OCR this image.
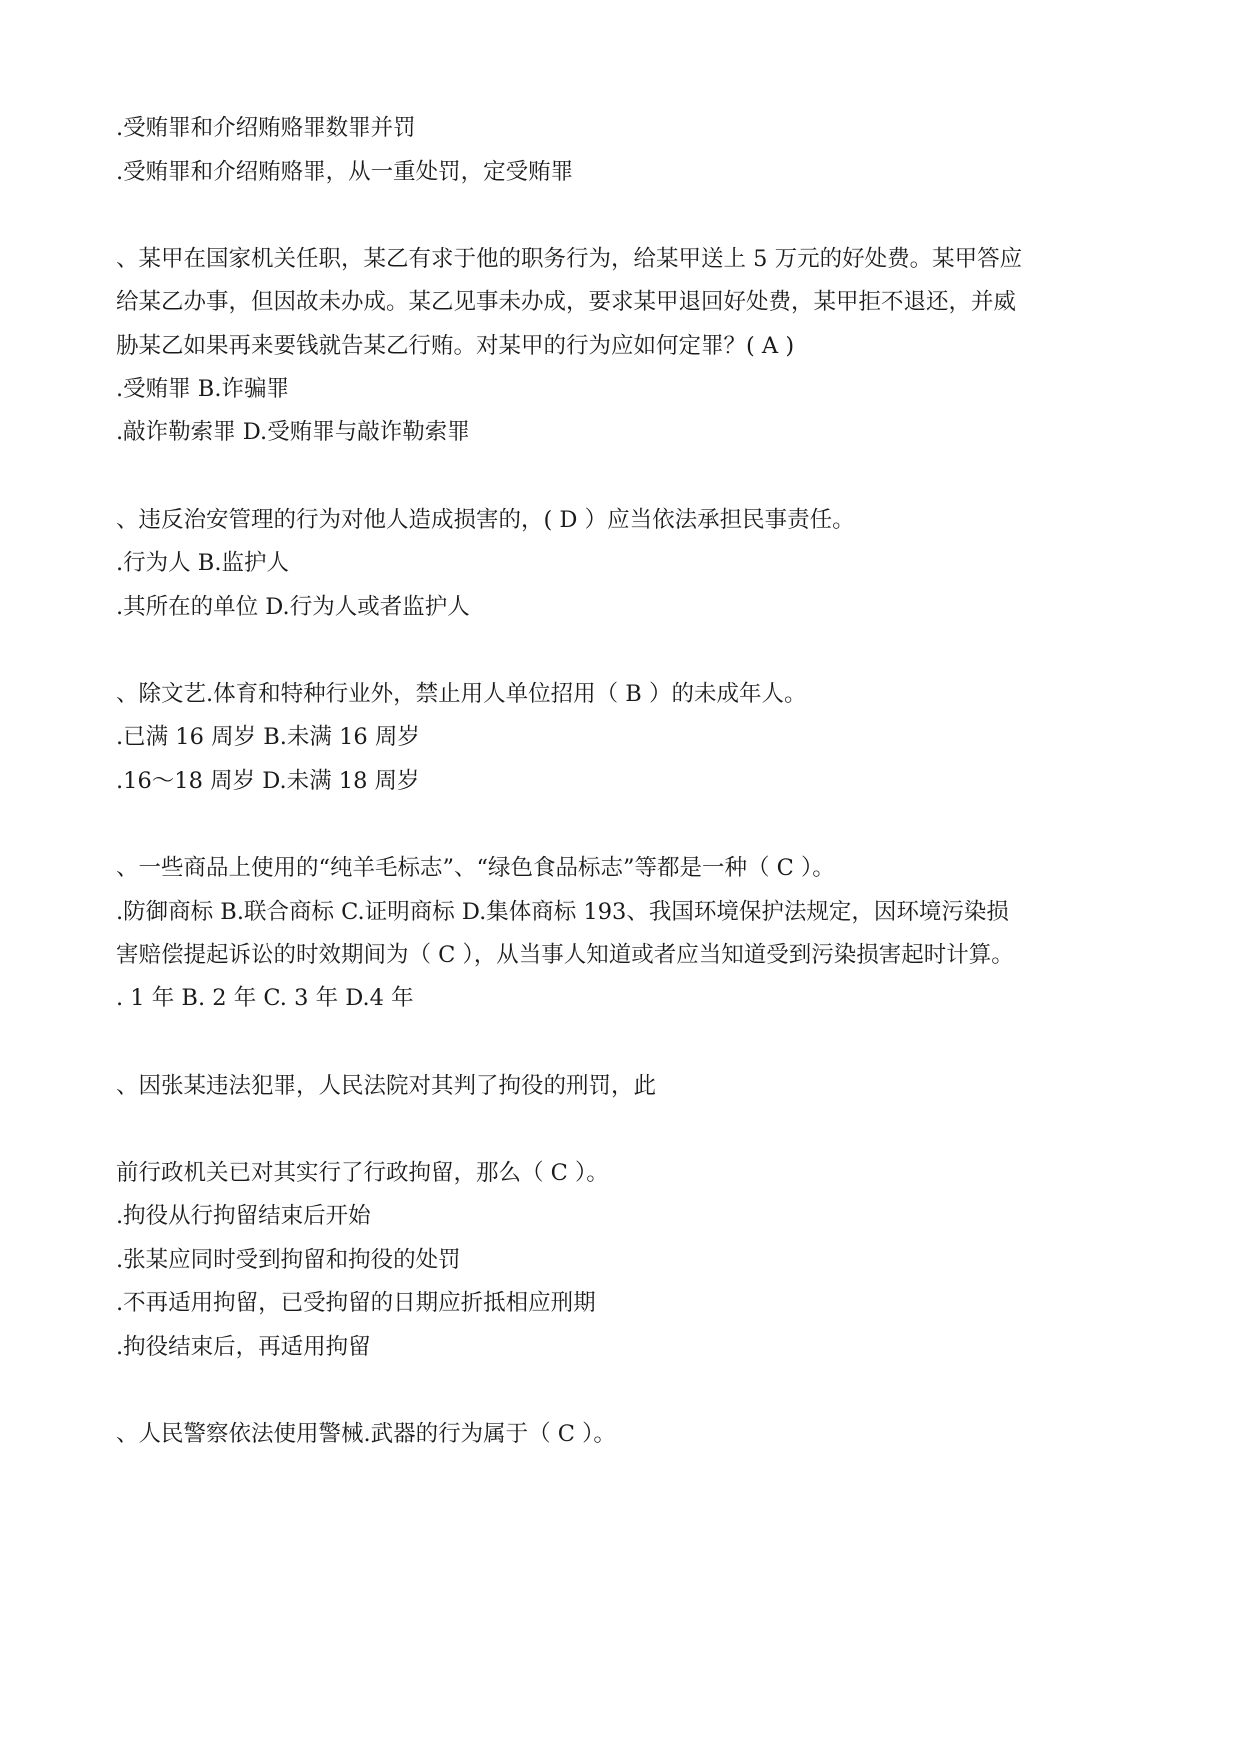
.受贿罪和介绍贿赂罪数罪并罚
.受贿罪和介绍贿赂罪，从一重处罚，定受贿罪
、某甲在国家机关任职，某乙有求于他的职务行为，给某甲送上 5 万元的好处费。某甲答应
给某乙办事，但因故未办成。某乙见事未办成，要求某甲退回好处费，某甲拒不退还，并威
胁某乙如果再来要钱就告某乙行贿。对某甲的行为应如何定罪？( A )
.受贿罪 B.诈骗罪
.敲诈勒索罪 D.受贿罪与敲诈勒索罪
、违反治安管理的行为对他人造成损害的，( D ）应当依法承担民事责任。
.行为人 B.监护人
.其所在的单位 D.行为人或者监护人
、除文艺.体育和特种行业外，禁止用人单位招用（ B ）的未成年人。
.已满 16 周岁 B.未满 16 周岁
.16～18 周岁 D.未满 18 周岁
、一些商品上使用的“纯羊毛标志”、“绿色食品标志”等都是一种（ C ）。
.防御商标 B.联合商标 C.证明商标 D.集体商标 193、我国环境保护法规定，因环境污染损
害赔偿提起诉讼的时效期间为（ C ），从当事人知道或者应当知道受到污染损害起时计算。
. 1 年 B. 2 年 C. 3 年 D.4 年
、因张某违法犯罪，人民法院对其判了拘役的刑罚，此
前行政机关已对其实行了行政拘留，那么（ C ）。
.拘役从行拘留结束后开始
.张某应同时受到拘留和拘役的处罚
.不再适用拘留，已受拘留的日期应折抵相应刑期
.拘役结束后，再适用拘留
、人民警察依法使用警械.武器的行为属于（ C ）。
